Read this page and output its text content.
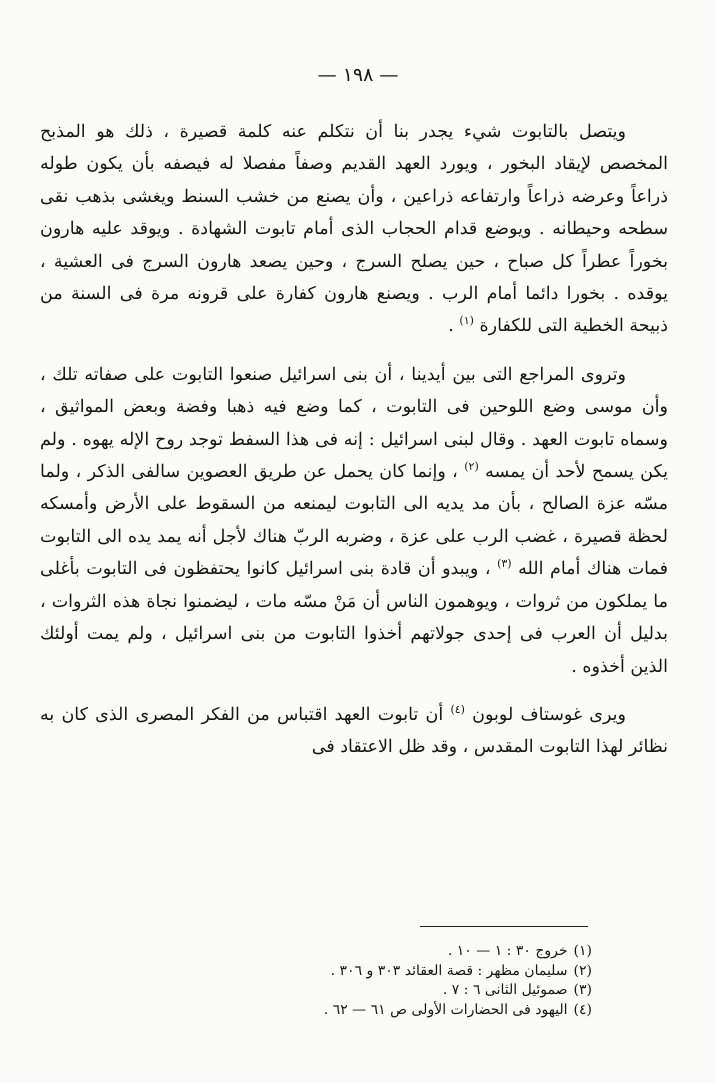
— ١٩٨ —

ويتصل بالتابوت شيء يجدر بنا أن نتكلم عنه كلمة قصيرة ، ذلك هو المذبح المخصص لإيقاد البخور ، ويورد العهد القديم وصفاً مفصلا له فيصفه بأن يكون طوله ذراعاً وعرضه ذراعاً وارتفاعه ذراعين ، وأن يصنع من خشب السنط ويغشى بذهب نقى سطحه وحيطانه . ويوضع قدام الحجاب الذى أمام تابوت الشهادة . ويوقد عليه هارون بخوراً عطراً كل صباح ، حين يصلح السرج ، وحين يصعد هارون السرج فى العشية ، يوقده . بخورا دائما أمام الرب . ويصنع هارون كفارة على قرونه مرة فى السنة من ذبيحة الخطية التى للكفارة $^{(١)}$ .

وتروى المراجع التى بين أيدينا ، أن بنى اسرائيل صنعوا التابوت على صفاته تلك ، وأن موسى وضع اللوحين فى التابوت ، كما وضع فيه ذهبا وفضة وبعض المواثيق ، وسماه تابوت العهد . وقال لبنى اسرائيل : إنه فى هذا السفط توجد روح الإله يهوه . ولم يكن يسمح لأحد أن يمسه $^{(٢)}$ ، وإنما كان يحمل عن طريق العصوين سالفى الذكر ، ولما مسّه عزة الصالح ، بأن مد يديه الى التابوت ليمنعه من السقوط على الأرض وأمسكه لحظة قصيرة ، غضب الرب على عزة ، وضربه الربّ هناك لأجل أنه يمد يده الى التابوت فمات هناك أمام الله $^{(٣)}$ ، ويبدو أن قادة بنى اسرائيل كانوا يحتفظون فى التابوت بأغلى ما يملكون من ثروات ، ويوهمون الناس أن مَنْ مسّه مات ، ليضمنوا نجاة هذه الثروات ، بدليل أن العرب فى إحدى جولاتهم أخذوا التابوت من بنى اسرائيل ، ولم يمت أولئك الذين أخذوه .

ويرى غوستاف لوبون $^{(٤)}$ أن تابوت العهد اقتباس من الفكر المصرى الذى كان به نظائر لهذا التابوت المقدس ، وقد ظل الاعتقاد فى

(١)خروج ٣٠ : ١ — ١٠ .
(٢)سليمان مظهر : قصة العقائد ٣٠٣ و ٣٠٦ .
(٣)صموئيل الثانى ٦ : ٧ .
(٤)اليهود فى الحضارات الأولى ص ٦١ — ٦٢ .
